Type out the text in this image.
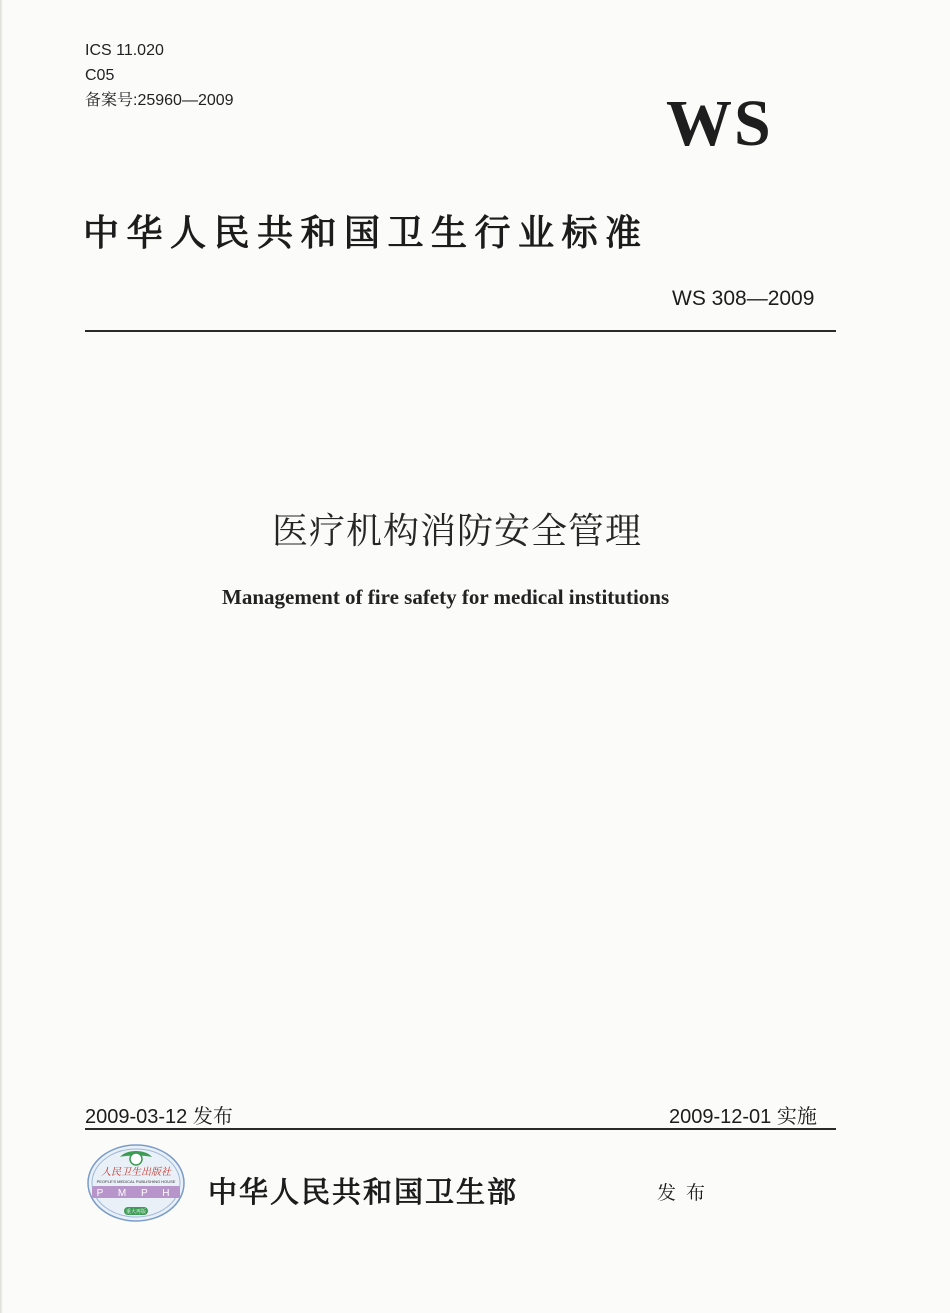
ICS 11.020
C05
备案号:25960—2009	WS
中华人民共和国卫生行业标准
WS 308—2009
医疗机构消防安全管理
Management of fire safety for medical institutions
2009-03-12 发布	2009-12-01 实施
人民卫生出版社
PEOPLE'S MEDICAL PUBLISHING HOUSE
P M P H
重大再版
中华人民共和国卫生部	发布
